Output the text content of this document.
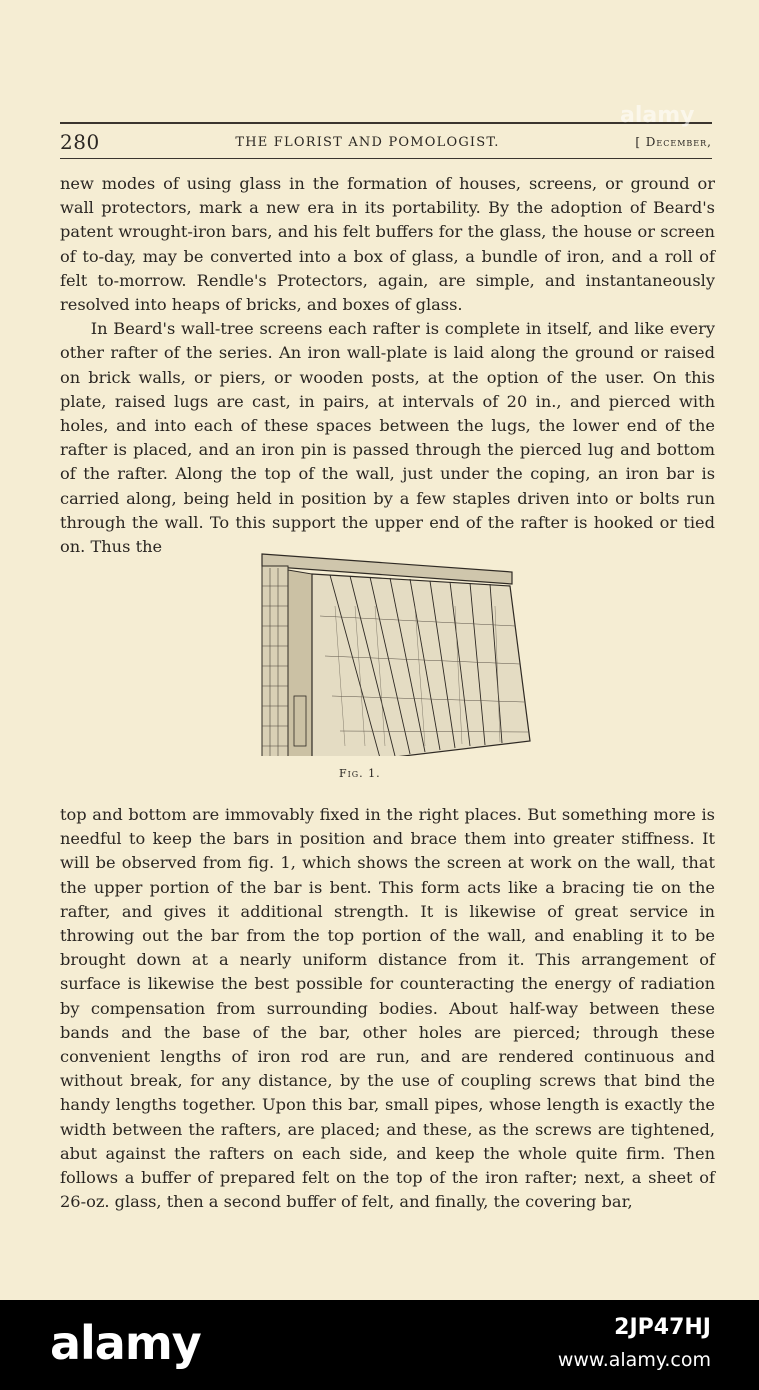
280	THE FLORIST AND POMOLOGIST.	[ December,
alamy

new modes of using glass in the formation of houses, screens, or ground or wall protectors, mark a new era in its portability. By the adoption of Beard's patent wrought-iron bars, and his felt buffers for the glass, the house or screen of to-day, may be converted into a box of glass, a bundle of iron, and a roll of felt to-morrow. Rendle's Protectors, again, are simple, and instantaneously resolved into heaps of bricks, and boxes of glass.

In Beard's wall-tree screens each rafter is complete in itself, and like every other rafter of the series. An iron wall-plate is laid along the ground or raised on brick walls, or piers, or wooden posts, at the option of the user. On this plate, raised lugs are cast, in pairs, at intervals of 20 in., and pierced with holes, and into each of these spaces between the lugs, the lower end of the rafter is placed, and an iron pin is passed through the pierced lug and bottom of the rafter. Along the top of the wall, just under the coping, an iron bar is carried along, being held in position by a few staples driven into or bolts run through the wall. To this support the upper end of the rafter is hooked or tied on. Thus the

Fig. 1.

top and bottom are immovably fixed in the right places. But something more is needful to keep the bars in position and brace them into greater stiffness. It will be observed from fig. 1, which shows the screen at work on the wall, that the upper portion of the bar is bent. This form acts like a bracing tie on the rafter, and gives it additional strength. It is likewise of great service in throwing out the bar from the top portion of the wall, and enabling it to be brought down at a nearly uniform distance from it. This arrangement of surface is likewise the best possible for counteracting the energy of radiation by compensation from surrounding bodies. About half-way between these bands and the base of the bar, other holes are pierced; through these convenient lengths of iron rod are run, and are rendered continuous and without break, for any distance, by the use of coupling screws that bind the handy lengths together. Upon this bar, small pipes, whose length is exactly the width between the rafters, are placed; and these, as the screws are tightened, abut against the rafters on each side, and keep the whole quite firm. Then follows a buffer of prepared felt on the top of the iron rafter; next, a sheet of 26-oz. glass, then a second buffer of felt, and finally, the covering bar,

alamy	2JP47HJ
www.alamy.com
